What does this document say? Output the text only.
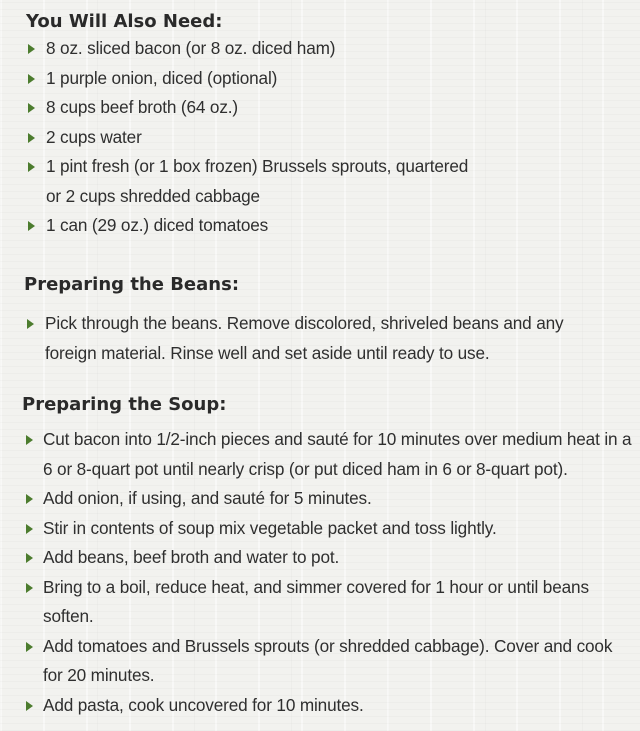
You Will Also Need:
8 oz. sliced bacon (or 8 oz. diced ham)
1 purple onion, diced (optional)
8 cups beef broth (64 oz.)
2 cups water
1 pint fresh (or 1 box frozen) Brussels sprouts, quartered
or 2 cups shredded cabbage
1 can (29 oz.) diced tomatoes
Preparing the Beans:
Pick through the beans. Remove discolored, shriveled beans and any foreign material. Rinse well and set aside until ready to use.
Preparing the Soup:
Cut bacon into 1/2-inch pieces and sauté for 10 minutes over medium heat in a 6 or 8-quart pot until nearly crisp (or put diced ham in 6 or 8-quart pot).
Add onion, if using, and sauté for 5 minutes.
Stir in contents of soup mix vegetable packet and toss lightly.
Add beans, beef broth and water to pot.
Bring to a boil, reduce heat, and simmer covered for 1 hour or until beans soften.
Add tomatoes and Brussels sprouts (or shredded cabbage). Cover and cook for 20 minutes.
Add pasta, cook uncovered for 10 minutes.
